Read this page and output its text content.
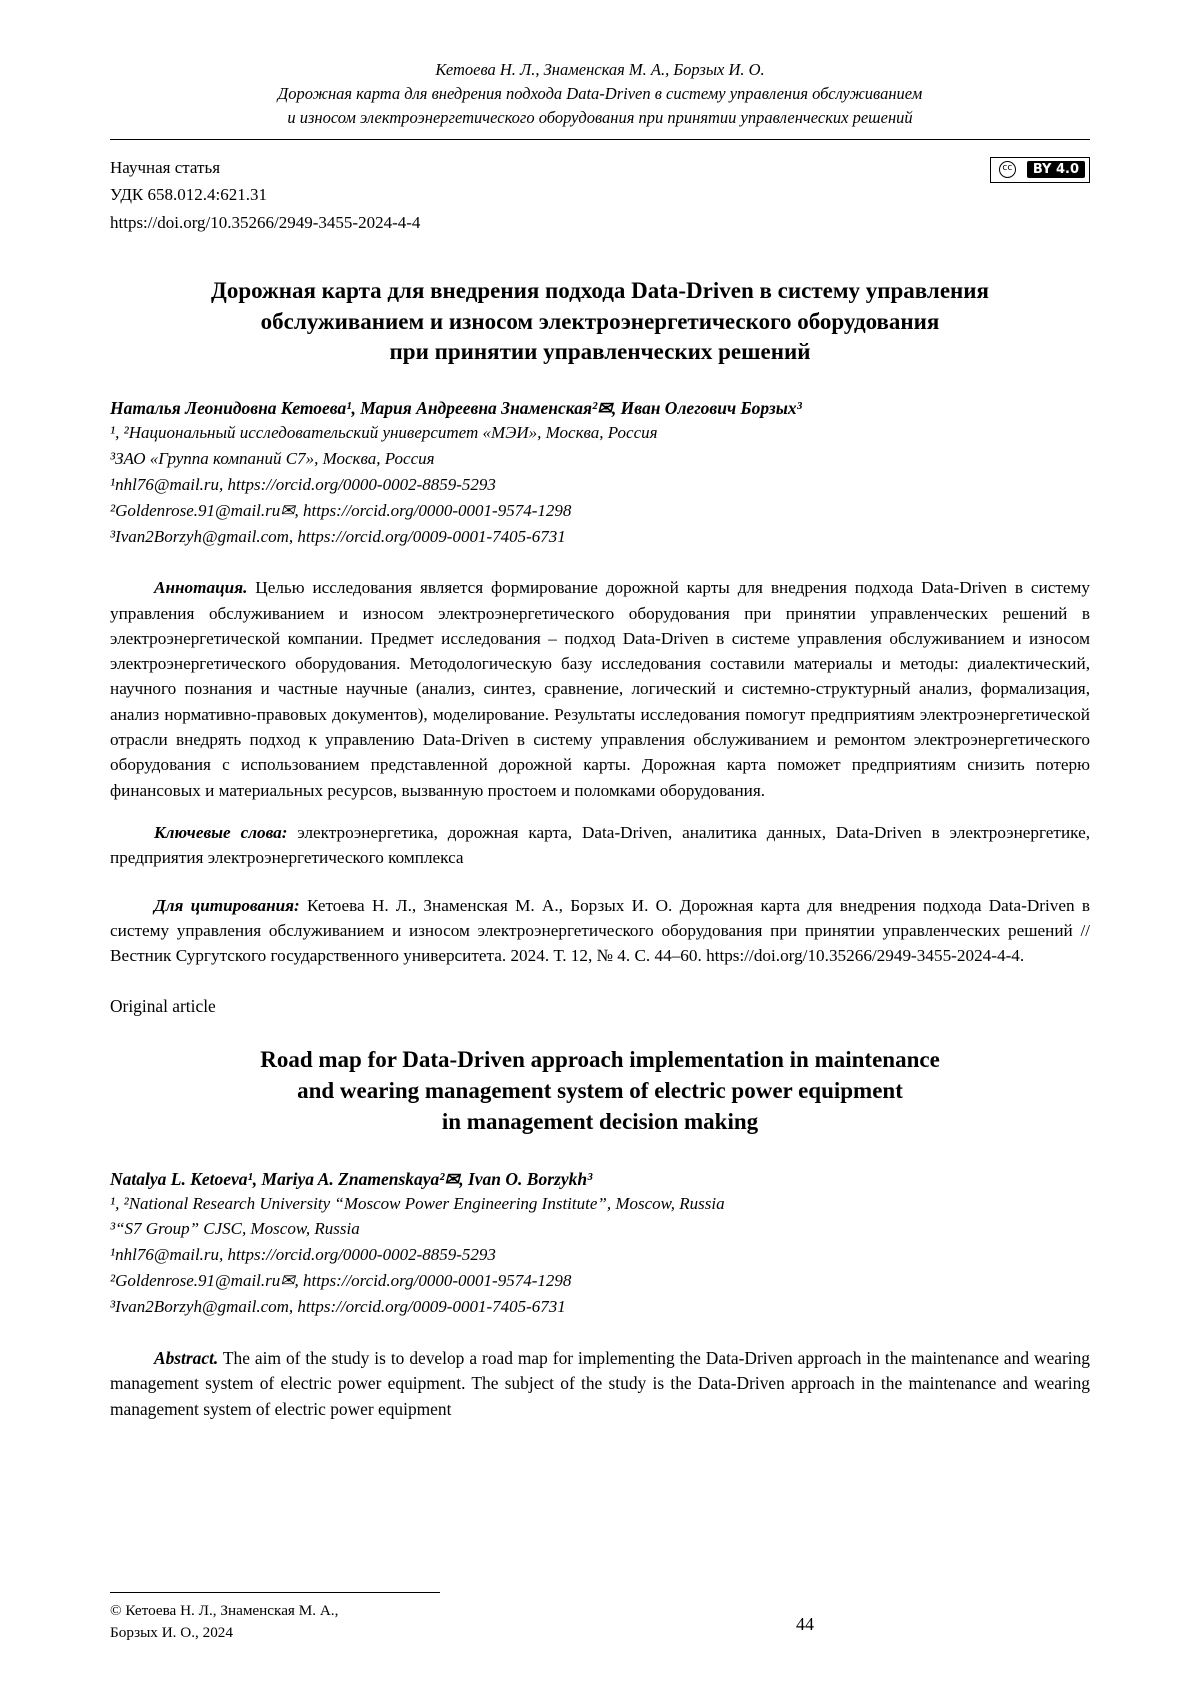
Кетоева Н. Л., Знаменская М. А., Борзых И. О.
Дорожная карта для внедрения подхода Data-Driven в систему управления обслуживанием
и износом электроэнергетического оборудования при принятии управленческих решений
Научная статья
УДК 658.012.4:621.31
https://doi.org/10.35266/2949-3455-2024-4-4
cc	BY 4.0
Дорожная карта для внедрения подхода Data-Driven в систему управления
обслуживанием и износом электроэнергетического оборудования
при принятии управленческих решений
Наталья Леонидовна Кетоева¹, Мария Андреевна Знаменская²✉, Иван Олегович Борзых³
¹, ²Национальный исследовательский университет «МЭИ», Москва, Россия
³ЗАО «Группа компаний С7», Москва, Россия
¹nhl76@mail.ru, https://orcid.org/0000-0002-8859-5293
²Goldenrose.91@mail.ru✉, https://orcid.org/0000-0001-9574-1298
³Ivan2Borzyh@gmail.com, https://orcid.org/0009-0001-7405-6731

Аннотация. Целью исследования является формирование дорожной карты для внедрения подхода Data-Driven в систему управления обслуживанием и износом электроэнергетического оборудования при принятии управленческих решений в электроэнергетической компании. Предмет исследования – подход Data-Driven в системе управления обслуживанием и износом электроэнергетического оборудования. Методологическую базу исследования составили материалы и методы: диалектический, научного познания и частные научные (анализ, синтез, сравнение, логический и системно-структурный анализ, формализация, анализ нормативно-правовых документов), моделирование. Результаты исследования помогут предприятиям электроэнергетической отрасли внедрять подход к управлению Data-Driven в систему управления обслуживанием и ремонтом электроэнергетического оборудования с использованием представленной дорожной карты. Дорожная карта поможет предприятиям снизить потерю финансовых и материальных ресурсов, вызванную простоем и поломками оборудования.

Ключевые слова: электроэнергетика, дорожная карта, Data-Driven, аналитика данных, Data-Driven в электроэнергетике, предприятия электроэнергетического комплекса

Для цитирования: Кетоева Н. Л., Знаменская М. А., Борзых И. О. Дорожная карта для внедрения подхода Data-Driven в систему управления обслуживанием и износом электроэнергетического оборудования при принятии управленческих решений // Вестник Сургутского государственного университета. 2024. Т. 12, № 4. С. 44–60. https://doi.org/10.35266/2949-3455-2024-4-4.

Original article
Road map for Data-Driven approach implementation in maintenance
and wearing management system of electric power equipment
in management decision making
Natalya L. Ketoeva¹, Mariya A. Znamenskaya²✉, Ivan O. Borzykh³
¹, ²National Research University “Moscow Power Engineering Institute”, Moscow, Russia
³“S7 Group” CJSC, Moscow, Russia
¹nhl76@mail.ru, https://orcid.org/0000-0002-8859-5293
²Goldenrose.91@mail.ru✉, https://orcid.org/0000-0001-9574-1298
³Ivan2Borzyh@gmail.com, https://orcid.org/0009-0001-7405-6731

Abstract. The aim of the study is to develop a road map for implementing the Data-Driven approach in the maintenance and wearing management system of electric power equipment. The subject of the study is the Data-Driven approach in the maintenance and wearing management system of electric power equipment

© Кетоева Н. Л., Знаменская М. А.,
Борзых И. О., 2024	44
